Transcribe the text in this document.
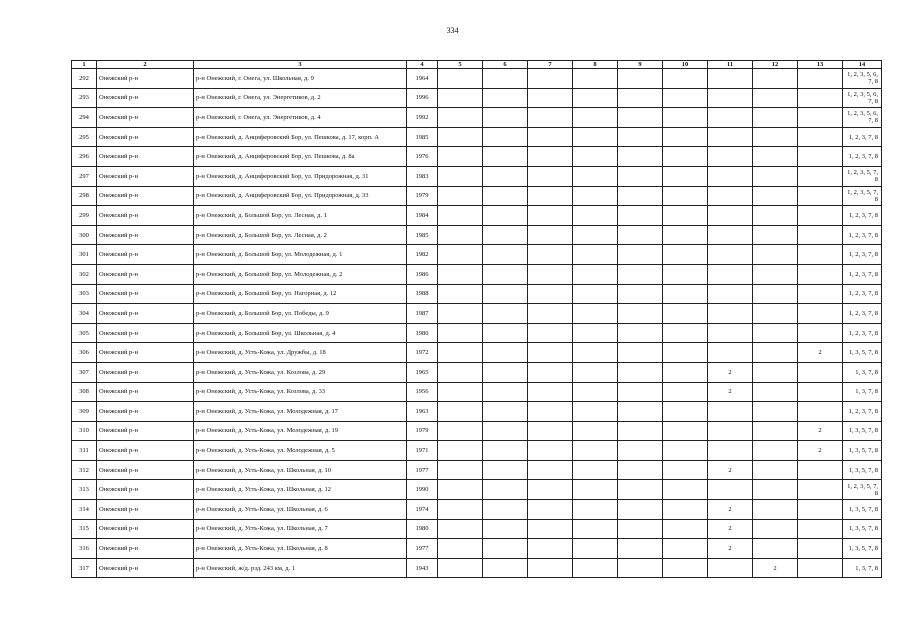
334
1	2	3	4	5	6	7	8	9	10	11	12	13	14
292	Онежский р-н	р-н Онежский, г. Онега, ул. Школьная, д. 9	1964										1, 2, 3, 5, 6, 7, 8
293	Онежский р-н	р-н Онежский, г. Онега, ул. Энергетиков, д. 2	1996										1, 2, 3, 5, 6, 7, 8
294	Онежский р-н	р-н Онежский, г. Онега, ул. Энергетиков, д. 4	1992										1, 2, 3, 5, 6, 7, 8
295	Онежский р-н	р-н Онежский, д. Анциферовский Бор, ул. Пешкова, д. 17, корп. А	1985										1, 2, 3, 7, 8
296	Онежский р-н	р-н Онежский, д. Анциферовский Бор, ул. Пешкова, д. 8а	1976										1, 2, 3, 7, 8
297	Онежский р-н	р-н Онежский, д. Анциферовский Бор, ул. Придорожная, д. 31	1983										1, 2, 3, 5, 7, 8
298	Онежский р-н	р-н Онежский, д. Анциферовский Бор, ул. Придорожная, д. 33	1979										1, 2, 3, 5, 7, 8
299	Онежский р-н	р-н Онежский, д. Большой Бор, ул. Лесная, д. 1	1984										1, 2, 3, 7, 8
300	Онежский р-н	р-н Онежский, д. Большой Бор, ул. Лесная, д. 2	1985										1, 2, 3, 7, 8
301	Онежский р-н	р-н Онежский, д. Большой Бор, ул. Молодежная, д. 1	1982										1, 2, 3, 7, 8
302	Онежский р-н	р-н Онежский, д. Большой Бор, ул. Молодежная, д. 2	1986										1, 2, 3, 7, 8
303	Онежский р-н	р-н Онежский, д. Большой Бор, ул. Нагорная, д. 12	1988										1, 2, 3, 7, 8
304	Онежский р-н	р-н Онежский, д. Большой Бор, ул. Победы, д. 9	1987										1, 2, 3, 7, 8
305	Онежский р-н	р-н Онежский, д. Большой Бор, ул. Школьная, д. 4	1980										1, 2, 3, 7, 8
306	Онежский р-н	р-н Онежский, д. Усть-Кожа, ул. Дружбы, д. 18	1972									2	1, 3, 5, 7, 8
307	Онежский р-н	р-н Онежский, д. Усть-Кожа, ул. Козлова, д. 29	1965							2			1, 3, 7, 8
308	Онежский р-н	р-н Онежский, д. Усть-Кожа, ул. Козлова, д. 33	1956							2			1, 3, 7, 8
309	Онежский р-н	р-н Онежский, д. Усть-Кожа, ул. Молодежная, д. 17	1963										1, 2, 3, 7, 8
310	Онежский р-н	р-н Онежский, д. Усть-Кожа, ул. Молодежная, д. 19	1979									2	1, 3, 5, 7, 8
311	Онежский р-н	р-н Онежский, д. Усть-Кожа, ул. Молодежная, д. 5	1971									2	1, 3, 5, 7, 8
312	Онежский р-н	р-н Онежский, д. Усть-Кожа, ул. Школьная, д. 10	1977							2			1, 3, 5, 7, 8
313	Онежский р-н	р-н Онежский, д. Усть-Кожа, ул. Школьная, д. 12	1990										1, 2, 3, 5, 7, 8
314	Онежский р-н	р-н Онежский, д. Усть-Кожа, ул. Школьная, д. 6	1974							2			1, 3, 5, 7, 8
315	Онежский р-н	р-н Онежский, д. Усть-Кожа, ул. Школьная, д. 7	1980							2			1, 3, 5, 7, 8
316	Онежский р-н	р-н Онежский, д. Усть-Кожа, ул. Школьная, д. 8	1977							2			1, 3, 5, 7, 8
317	Онежский р-н	р-н Онежский, ж/д. рзд. 243 км, д. 1	1943								2		1, 3, 7, 8
